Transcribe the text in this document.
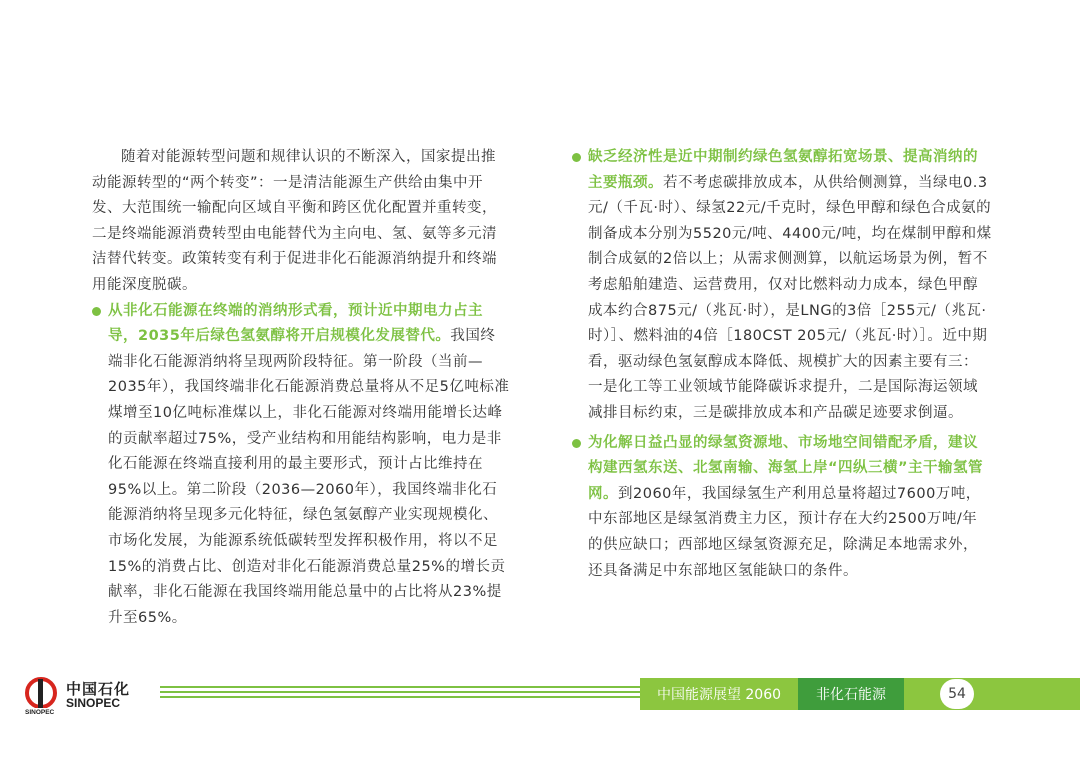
随着对能源转型问题和规律认识的不断深入，国家提出推动能源转型的“两个转变”：一是清洁能源生产供给由集中开发、大范围统一输配向区域自平衡和跨区优化配置并重转变，二是终端能源消费转型由电能替代为主向电、氢、氨等多元清洁替代转变。政策转变有利于促进非化石能源消纳提升和终端用能深度脱碳。

从非化石能源在终端的消纳形式看，预计近中期电力占主导，2035年后绿色氢氨醇将开启规模化发展替代。我国终端非化石能源消纳将呈现两阶段特征。第一阶段（当前—2035年），我国终端非化石能源消费总量将从不足5亿吨标准煤增至10亿吨标准煤以上，非化石能源对终端用能增长达峰的贡献率超过75%，受产业结构和用能结构影响，电力是非化石能源在终端直接利用的最主要形式，预计占比维持在95%以上。第二阶段（2036—2060年），我国终端非化石能源消纳将呈现多元化特征，绿色氢氨醇产业实现规模化、市场化发展，为能源系统低碳转型发挥积极作用，将以不足15%的消费占比、创造对非化石能源消费总量25%的增长贡献率，非化石能源在我国终端用能总量中的占比将从23%提升至65%。

缺乏经济性是近中期制约绿色氢氨醇拓宽场景、提高消纳的主要瓶颈。若不考虑碳排放成本，从供给侧测算，当绿电0.3元/（千瓦·时）、绿氢22元/千克时，绿色甲醇和绿色合成氨的制备成本分别为5520元/吨、4400元/吨，均在煤制甲醇和煤制合成氨的2倍以上；从需求侧测算，以航运场景为例，暂不考虑船舶建造、运营费用，仅对比燃料动力成本，绿色甲醇成本约合875元/（兆瓦·时），是LNG的3倍［255元/（兆瓦·时）］、燃料油的4倍［180CST 205元/（兆瓦·时）］。近中期看，驱动绿色氢氨醇成本降低、规模扩大的因素主要有三：一是化工等工业领域节能降碳诉求提升，二是国际海运领域减排目标约束，三是碳排放成本和产品碳足迹要求倒逼。

为化解日益凸显的绿氢资源地、市场地空间错配矛盾，建议构建西氢东送、北氢南输、海氢上岸“四纵三横”主干输氢管网。到2060年，我国绿氢生产利用总量将超过7600万吨，中东部地区是绿氢消费主力区，预计存在大约2500万吨/年的供应缺口；西部地区绿氢资源充足，除满足本地需求外，还具备满足中东部地区氢能缺口的条件。

SINOPEC
中国石化
SINOPEC	中国能源展望 2060	非化石能源	54
